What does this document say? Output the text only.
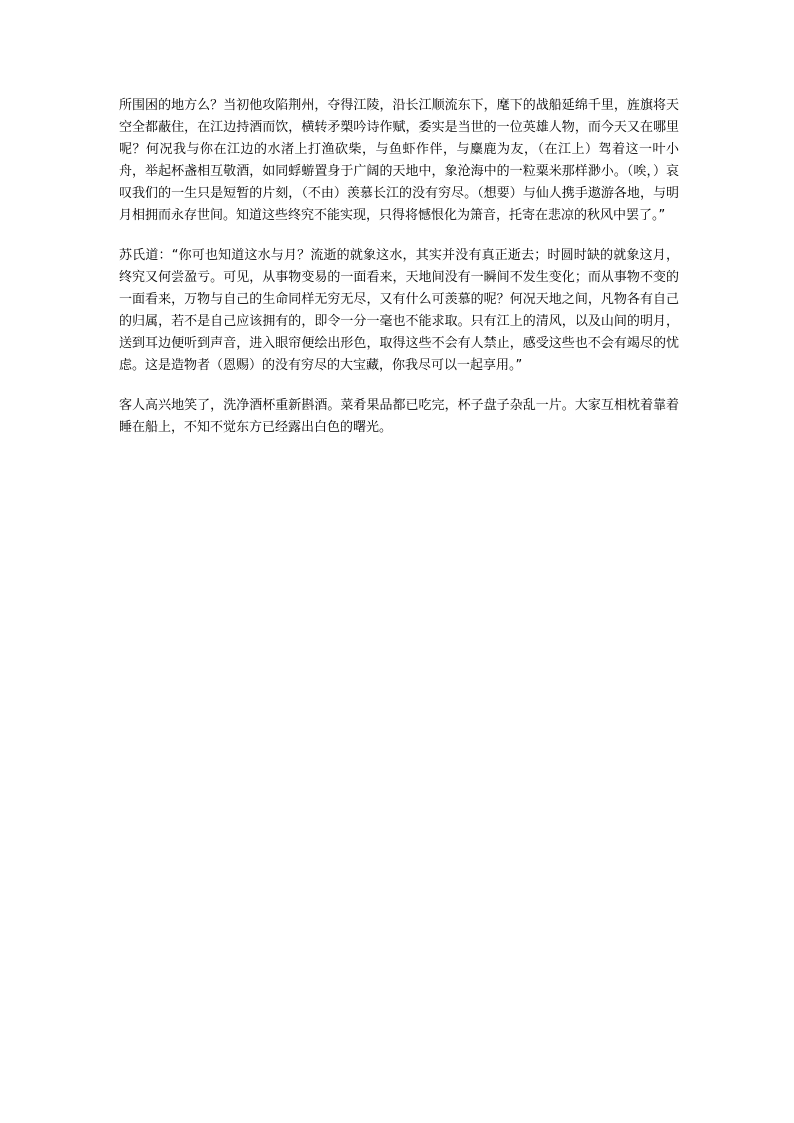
所围困的地方么？当初他攻陷荆州，夺得江陵，沿长江顺流东下，麾下的战船延绵千里，旌旗将天空全都蔽住，在江边持酒而饮，横转矛槊吟诗作赋，委实是当世的一位英雄人物，而今天又在哪里呢？何况我与你在江边的水渚上打渔砍柴，与鱼虾作伴，与麋鹿为友，（在江上）驾着这一叶小舟，举起杯盏相互敬酒，如同蜉蝣置身于广阔的天地中，象沧海中的一粒粟米那样渺小。（唉，）哀叹我们的一生只是短暂的片刻，（不由）羡慕长江的没有穷尽。（想要）与仙人携手遨游各地，与明月相拥而永存世间。知道这些终究不能实现，只得将憾恨化为箫音，托寄在悲凉的秋风中罢了。”

苏氏道：“你可也知道这水与月？流逝的就象这水，其实并没有真正逝去；时圆时缺的就象这月，终究又何尝盈亏。可见，从事物变易的一面看来，天地间没有一瞬间不发生变化；而从事物不变的一面看来，万物与自己的生命同样无穷无尽，又有什么可羡慕的呢？何况天地之间，凡物各有自己的归属，若不是自己应该拥有的，即令一分一毫也不能求取。只有江上的清风，以及山间的明月，送到耳边便听到声音，进入眼帘便绘出形色，取得这些不会有人禁止，感受这些也不会有竭尽的忧虑。这是造物者（恩赐）的没有穷尽的大宝藏，你我尽可以一起享用。”

客人高兴地笑了，洗净酒杯重新斟酒。菜肴果品都已吃完，杯子盘子杂乱一片。大家互相枕着靠着睡在船上，不知不觉东方已经露出白色的曙光。
